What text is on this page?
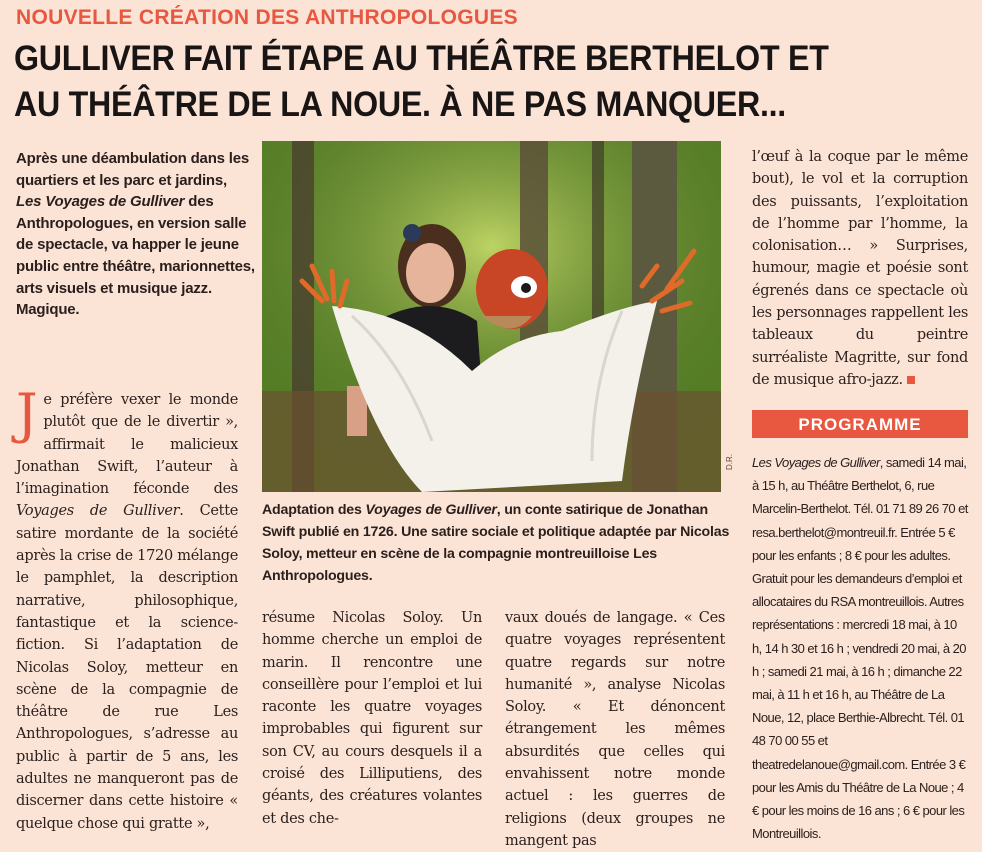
NOUVELLE CRÉATION DES ANTHROPOLOGUES
GULLIVER FAIT ÉTAPE AU THÉÂTRE BERTHELOT ET
AU THÉÂTRE DE LA NOUE. À NE PAS MANQUER...
Après une déambulation dans les quartiers et les parc et jardins, Les Voyages de Gulliver des Anthropologues, en version salle de spectacle, va happer le jeune public entre théâtre, marionnettes, arts visuels et musique jazz. Magique.
D.R.
Adaptation des Voyages de Gulliver, un conte satirique de Jonathan Swift publié en 1726. Une satire sociale et politique adaptée par Nicolas Soloy, metteur en scène de la compagnie montreuilloise Les Anthropologues.
Je préfère vexer le monde plutôt que de le divertir », affirmait le malicieux Jonathan Swift, l’auteur à l’imagination féconde des Voyages de Gulliver. Cette satire mordante de la société après la crise de 1720 mélange le pamphlet, la description narrative, philosophique, fantastique et la science-fiction. Si l’adaptation de Nicolas Soloy, metteur en scène de la compagnie de théâtre de rue Les Anthropologues, s’adresse au public à partir de 5 ans, les adultes ne manqueront pas de discerner dans cette histoire « quelque chose qui gratte »,
résume Nicolas Soloy. Un homme cherche un emploi de marin. Il rencontre une conseillère pour l’emploi et lui raconte les quatre voyages improbables qui figurent sur son CV, au cours desquels il a croisé des Lilliputiens, des géants, des créatures volantes et des che-
vaux doués de langage. « Ces quatre voyages représentent quatre regards sur notre humanité », analyse Nicolas Soloy. « Et dénoncent étrangement les mêmes absurdités que celles qui envahissent notre monde actuel : les guerres de religions (deux groupes ne mangent pas
l’œuf à la coque par le même bout), le vol et la corruption des puissants, l’exploitation de l’homme par l’homme, la colonisation… » Surprises, humour, magie et poésie sont égrenés dans ce spectacle où les personnages rappellent les tableaux du peintre surréaliste Magritte, sur fond de musique afro-jazz.
PROGRAMME
Les Voyages de Gulliver, samedi 14 mai, à 15 h, au Théâtre Berthelot, 6, rue Marcelin-Berthelot. Tél. 01 71 89 26 70 et resa.berthelot@montreuil.fr. Entrée 5 € pour les enfants ; 8 € pour les adultes. Gratuit pour les demandeurs d’emploi et allocataires du RSA montreuillois. Autres représentations : mercredi 18 mai, à 10 h, 14 h 30 et 16 h ; vendredi 20 mai, à 20 h ; samedi 21 mai, à 16 h ; dimanche 22 mai, à 11 h et 16 h, au Théâtre de La Noue, 12, place Berthie-Albrecht. Tél. 01 48 70 00 55 et theatredelanoue@gmail.com. Entrée 3 € pour les Amis du Théâtre de La Noue ; 4 € pour les moins de 16 ans ; 6 € pour les Montreuillois.
